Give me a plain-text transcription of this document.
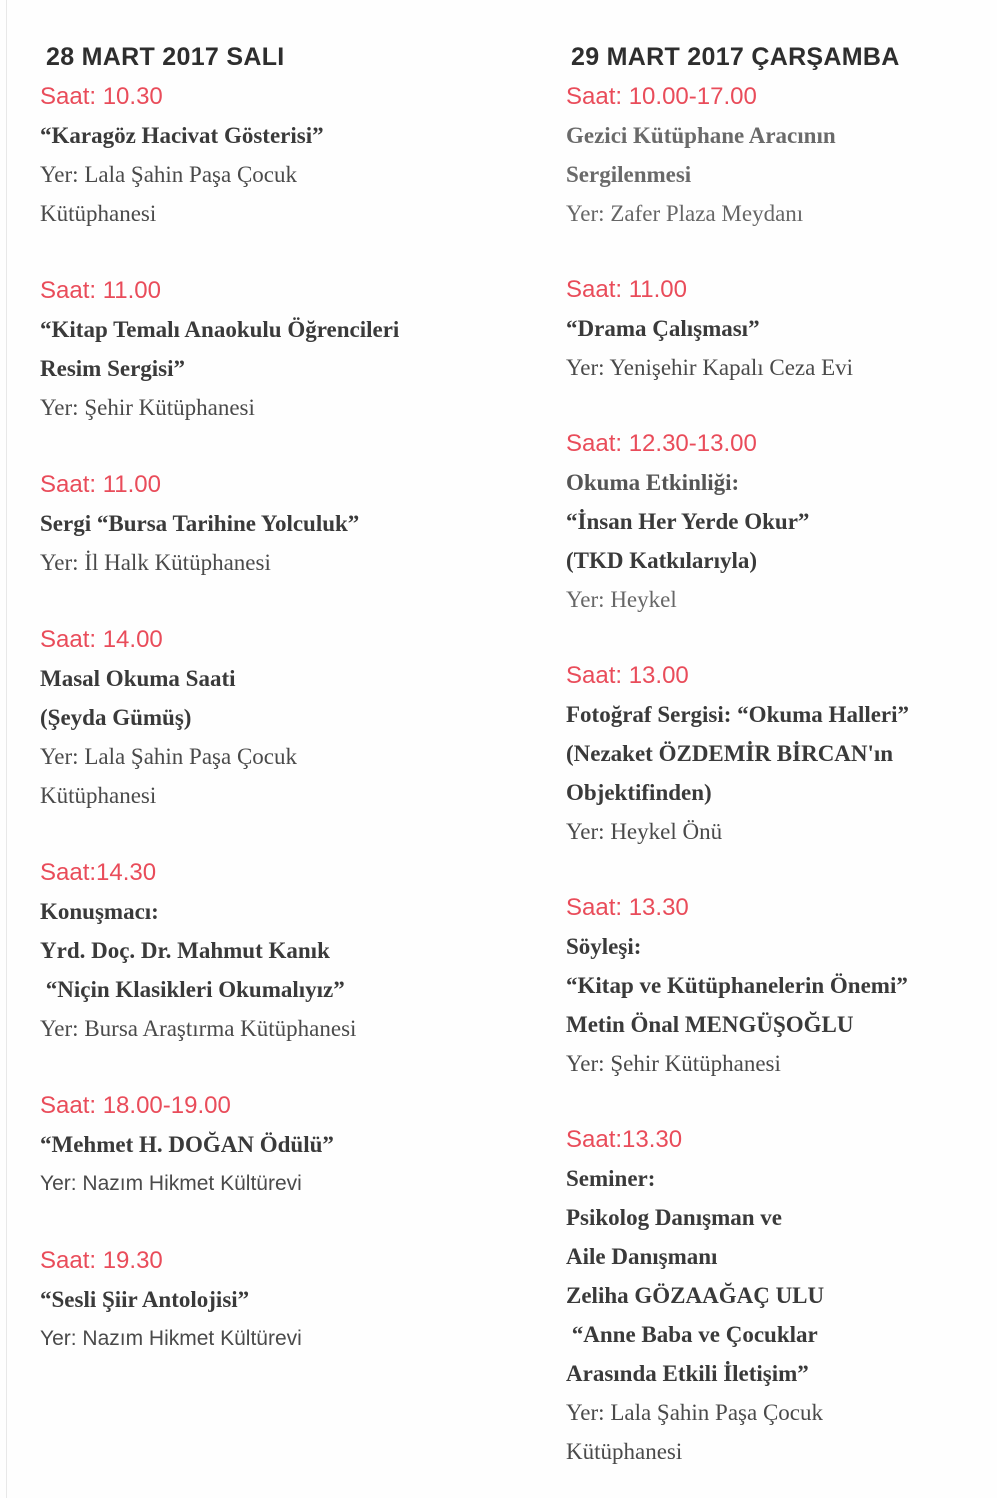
28 MART 2017 SALI
Saat: 10.30
“Karagöz Hacivat Gösterisi”
Yer: Lala Şahin Paşa Çocuk
Kütüphanesi
Saat: 11.00
“Kitap Temalı Anaokulu Öğrencileri
Resim Sergisi”
Yer: Şehir Kütüphanesi
Saat: 11.00
Sergi “Bursa Tarihine Yolculuk”
Yer: İl Halk Kütüphanesi
Saat: 14.00
Masal Okuma Saati
(Şeyda Gümüş)
Yer: Lala Şahin Paşa Çocuk
Kütüphanesi
Saat:14.30
Konuşmacı:
Yrd. Doç. Dr. Mahmut Kanık
“Niçin Klasikleri Okumalıyız”
Yer: Bursa Araştırma Kütüphanesi
Saat: 18.00-19.00
“Mehmet H. DOĞAN Ödülü”
Yer: Nazım Hikmet Kültürevi
Saat: 19.30
“Sesli Şiir Antolojisi”
Yer: Nazım Hikmet Kültürevi
29 MART 2017 ÇARŞAMBA
Saat: 10.00-17.00
Gezici Kütüphane Aracının
Sergilenmesi
Yer: Zafer Plaza Meydanı
Saat: 11.00
“Drama Çalışması”
Yer: Yenişehir Kapalı Ceza Evi
Saat: 12.30-13.00
Okuma Etkinliği:
“İnsan Her Yerde Okur”
(TKD Katkılarıyla)
Yer: Heykel
Saat: 13.00
Fotoğraf Sergisi: “Okuma Halleri”
(Nezaket ÖZDEMİR BİRCAN'ın
Objektifinden)
Yer: Heykel Önü
Saat: 13.30
Söyleşi:
“Kitap ve Kütüphanelerin Önemi”
Metin Önal MENGÜŞOĞLU
Yer: Şehir Kütüphanesi
Saat:13.30
Seminer:
Psikolog Danışman ve
Aile Danışmanı
Zeliha GÖZAAĞAÇ ULU
“Anne Baba ve Çocuklar
Arasında Etkili İletişim”
Yer: Lala Şahin Paşa Çocuk
Kütüphanesi
